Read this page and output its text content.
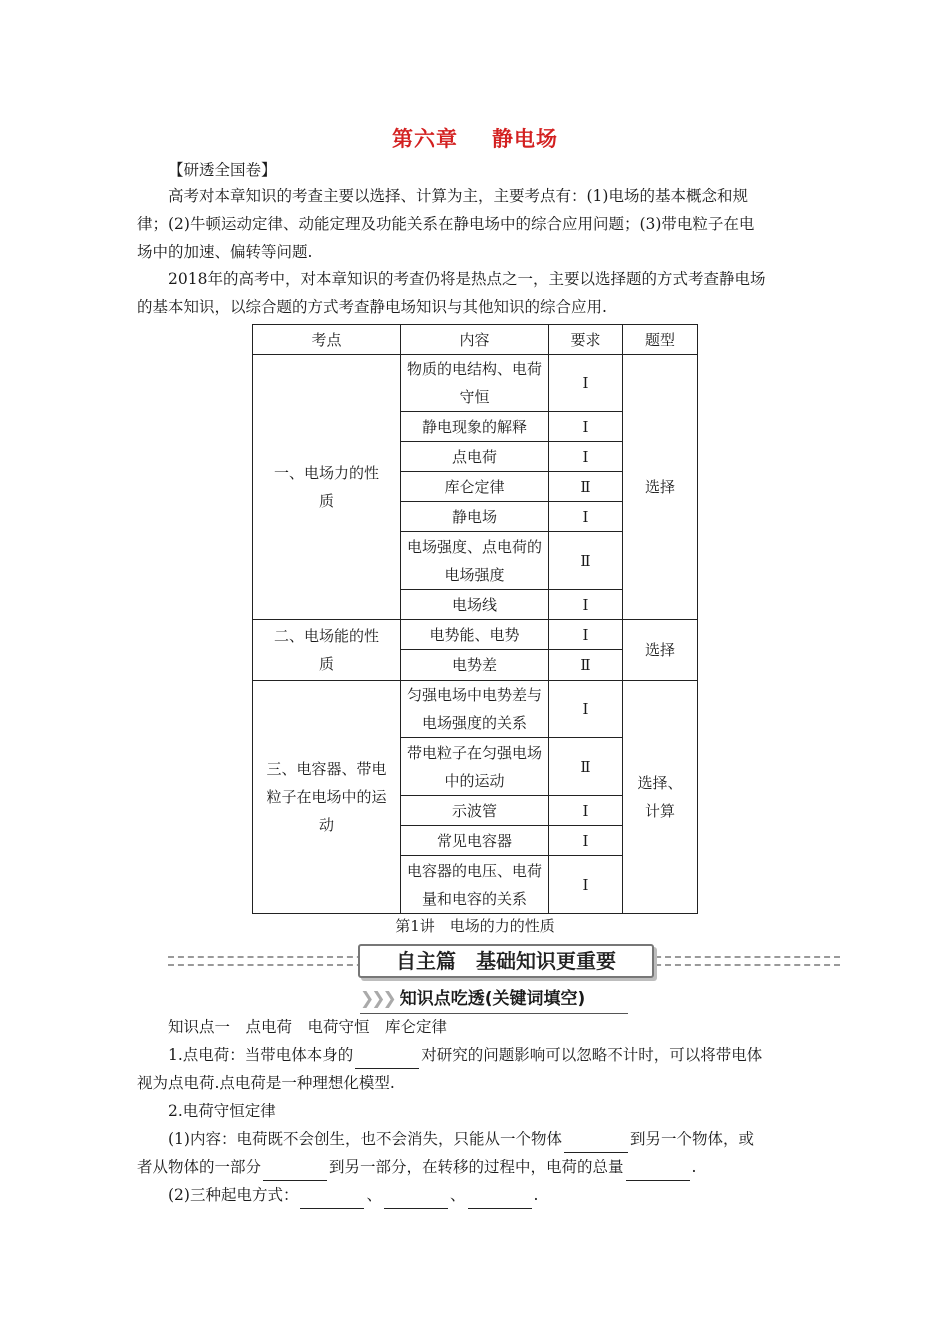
第六章 静电场
【研透全国卷】
高考对本章知识的考查主要以选择、计算为主，主要考点有：(1)电场的基本概念和规
律；(2)牛顿运动定律、动能定理及功能关系在静电场中的综合应用问题；(3)带电粒子在电
场中的加速、偏转等问题.
2018年的高考中，对本章知识的考查仍将是热点之一，主要以选择题的方式考查静电场
的基本知识，以综合题的方式考查静电场知识与其他知识的综合应用.
考点	内容	要求	题型
一、电场力的性质	物质的电结构、电荷守恒	Ⅰ	选择
	静电现象的解释	Ⅰ	
	点电荷	Ⅰ	
	库仑定律	Ⅱ	
	静电场	Ⅰ	
	电场强度、点电荷的电场强度	Ⅱ	
	电场线	Ⅰ	
二、电场能的性质	电势能、电势	Ⅰ	选择
	电势差	Ⅱ	
三、电容器、带电粒子在电场中的运动	匀强电场中电势差与电场强度的关系	Ⅰ	选择、计算
	带电粒子在匀强电场中的运动	Ⅱ	
	示波管	Ⅰ	
	常见电容器	Ⅰ	
	电容器的电压、电荷量和电容的关系	Ⅰ	
第1讲　电场的力的性质
自主篇　基础知识更重要
❯❯❯ 知识点吃透(关键词填空)
知识点一　点电荷　电荷守恒　库仑定律
1.点电荷：当带电体本身的	对研究的问题影响可以忽略不计时，可以将带电体
视为点电荷.点电荷是一种理想化模型.
2.电荷守恒定律
(1)内容：电荷既不会创生，也不会消失，只能从一个物体	到另一个物体，或
者从物体的一部分	到另一部分，在转移的过程中，电荷的总量	.
(2)三种起电方式：	、	、	.
